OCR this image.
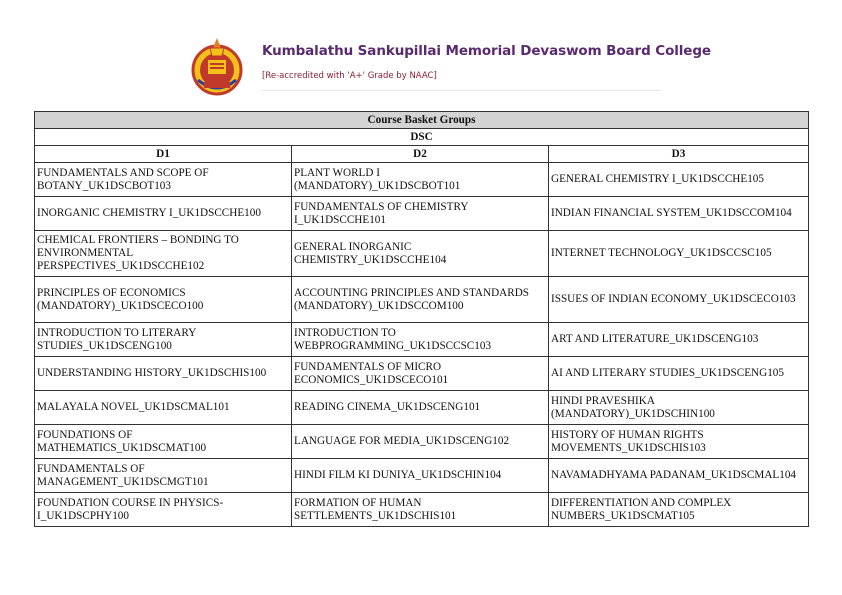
Kumbalathu Sankupillai Memorial Devaswom Board College
[Re-accredited with 'A+' Grade by NAAC]
Course Basket Groups		
DSC		
D1	D2	D3
FUNDAMENTALS AND SCOPE OF BOTANY_UK1DSCBOT103	PLANT WORLD I (MANDATORY)_UK1DSCBOT101	GENERAL CHEMISTRY I_UK1DSCCHE105
INORGANIC CHEMISTRY I_UK1DSCCHE100	FUNDAMENTALS OF CHEMISTRY I_UK1DSCCHE101	INDIAN FINANCIAL SYSTEM_UK1DSCCOM104
CHEMICAL FRONTIERS – BONDING TO ENVIRONMENTAL PERSPECTIVES_UK1DSCCHE102	GENERAL INORGANIC CHEMISTRY_UK1DSCCHE104	INTERNET TECHNOLOGY_UK1DSCCSC105
PRINCIPLES OF ECONOMICS (MANDATORY)_UK1DSCECO100	ACCOUNTING PRINCIPLES AND STANDARDS (MANDATORY)_UK1DSCCOM100	ISSUES OF INDIAN ECONOMY_UK1DSCECO103
INTRODUCTION TO LITERARY STUDIES_UK1DSCENG100	INTRODUCTION TO WEBPROGRAMMING_UK1DSCCSC103	ART AND LITERATURE_UK1DSCENG103
UNDERSTANDING HISTORY_UK1DSCHIS100	FUNDAMENTALS OF MICRO ECONOMICS_UK1DSCECO101	AI AND LITERARY STUDIES_UK1DSCENG105
MALAYALA NOVEL_UK1DSCMAL101	READING CINEMA_UK1DSCENG101	HINDI PRAVESHIKA (MANDATORY)_UK1DSCHIN100
FOUNDATIONS OF MATHEMATICS_UK1DSCMAT100	LANGUAGE FOR MEDIA_UK1DSCENG102	HISTORY OF HUMAN RIGHTS MOVEMENTS_UK1DSCHIS103
FUNDAMENTALS OF MANAGEMENT_UK1DSCMGT101	HINDI FILM KI DUNIYA_UK1DSCHIN104	NAVAMADHYAMA PADANAM_UK1DSCMAL104
FOUNDATION COURSE IN PHYSICS-I_UK1DSCPHY100	FORMATION OF HUMAN SETTLEMENTS_UK1DSCHIS101	DIFFERENTIATION AND COMPLEX NUMBERS_UK1DSCMAT105
